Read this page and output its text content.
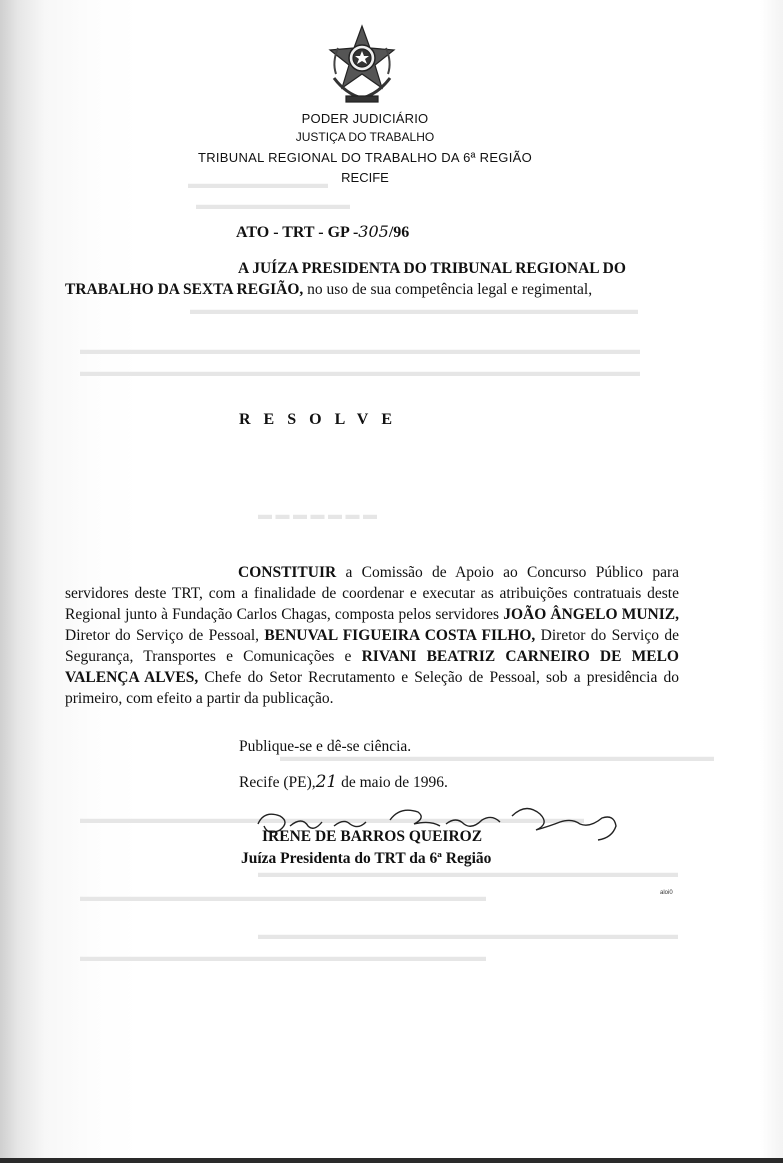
▬▬▬▬▬▬▬▬▬▬
▬▬▬▬▬▬▬▬▬▬▬
▬▬▬▬▬▬▬▬▬▬▬▬▬▬▬▬▬▬▬▬▬▬▬▬▬▬▬▬▬▬▬▬
▬▬▬▬▬▬▬▬▬▬▬▬▬▬▬▬▬▬▬▬▬▬▬▬▬▬▬▬▬▬▬▬▬▬▬▬▬▬▬▬
▬▬▬▬▬▬▬▬▬▬▬▬▬▬▬▬▬▬▬▬▬▬▬▬▬▬▬▬▬▬▬▬▬▬▬▬▬▬▬▬
▬ ▬ ▬ ▬ ▬ ▬ ▬
▬▬▬▬▬▬▬▬▬▬▬▬▬▬▬▬▬▬▬▬▬▬▬▬▬▬▬▬▬▬▬
▬▬▬▬▬▬▬▬▬▬▬▬▬▬▬▬▬▬▬▬▬▬▬▬▬▬▬▬▬▬▬▬▬▬▬▬
▬▬▬▬▬▬▬▬▬▬▬▬▬▬▬▬▬▬▬▬▬▬▬▬▬▬▬▬▬▬
▬▬▬▬▬▬▬▬▬▬▬▬▬▬▬▬▬▬▬▬▬▬▬▬▬▬▬▬▬
▬▬▬▬▬▬▬▬▬▬▬▬▬▬▬▬▬▬▬▬▬▬▬▬▬▬▬▬▬▬
▬▬▬▬▬▬▬▬▬▬▬▬▬▬▬▬▬▬▬▬▬▬▬▬▬▬▬▬▬
PODER JUDICIÁRIO
JUSTIÇA DO TRABALHO
TRIBUNAL REGIONAL DO TRABALHO DA 6ª REGIÃO
RECIFE
ATO - TRT - GP -305/96
A JUÍZA PRESIDENTA DO TRIBUNAL REGIONAL DO
TRABALHO DA SEXTA REGIÃO, no uso de sua competência legal e regimental,
RESOLVE

CONSTITUIR a Comissão de Apoio ao Concurso Público para servidores deste TRT, com a finalidade de coordenar e executar as atribuições contratuais deste Regional junto à Fundação Carlos Chagas, composta pelos servidores JOÃO ÂNGELO MUNIZ, Diretor do Serviço de Pessoal, BENUVAL FIGUEIRA COSTA FILHO, Diretor do Serviço de Segurança, Transportes e Comunicações e RIVANI BEATRIZ CARNEIRO DE MELO VALENÇA ALVES, Chefe do Setor Recrutamento e Seleção de Pessoal, sob a presidência do primeiro, com efeito a partir da publicação.

Publique-se e dê-se ciência.
Recife (PE),21 de maio de 1996.
IRENE DE BARROS QUEIROZ
Juíza Presidenta do TRT da 6ª Região
aloi0
